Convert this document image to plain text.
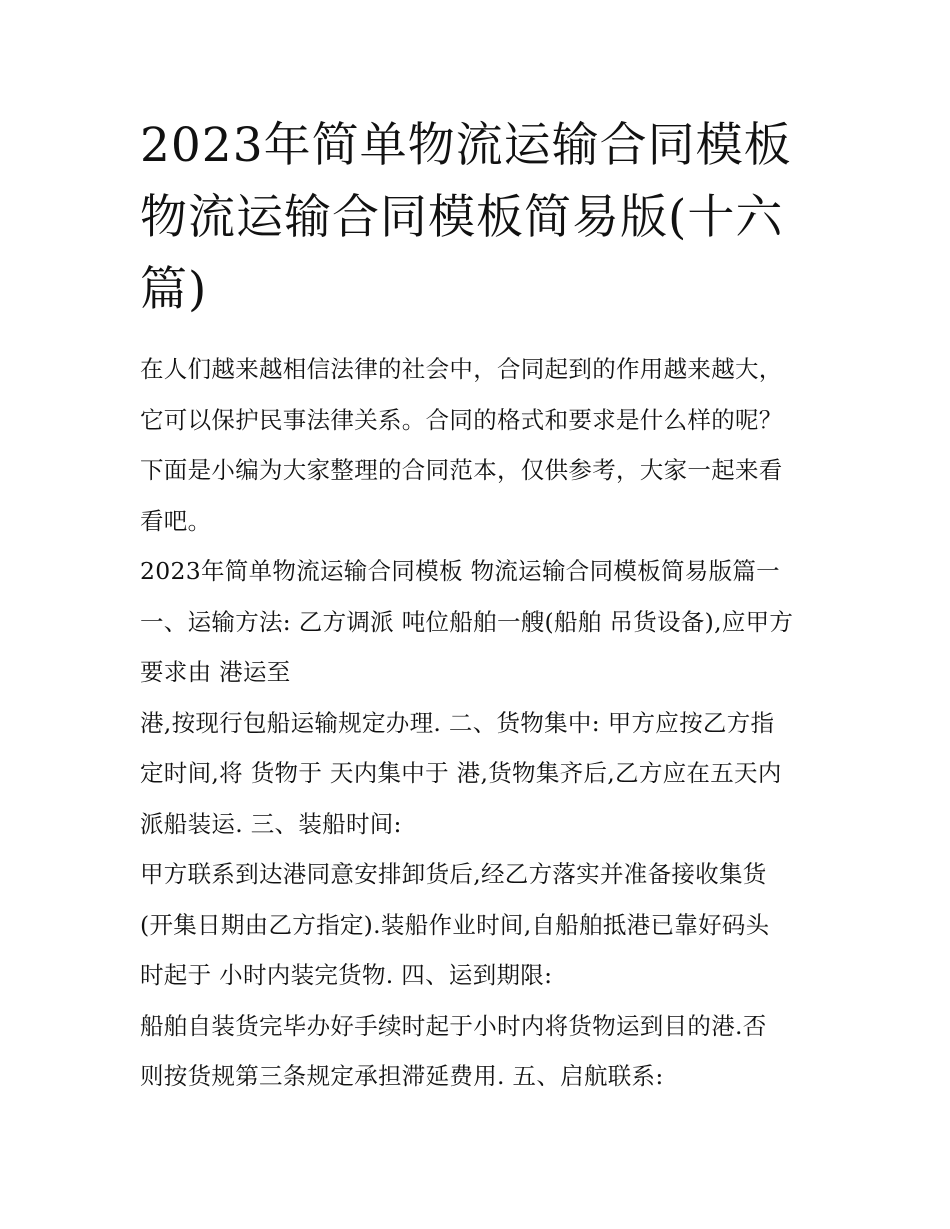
2023年简单物流运输合同模板
物流运输合同模板简易版(十六
篇)
在人们越来越相信法律的社会中，合同起到的作用越来越大，
它可以保护民事法律关系。合同的格式和要求是什么样的呢？
下面是小编为大家整理的合同范本，仅供参考，大家一起来看
看吧。
2023年简单物流运输合同模板 物流运输合同模板简易版篇一
一、运输方法: 乙方调派 吨位船舶一艘(船舶 吊货设备),应甲方
要求由 港运至
港,按现行包船运输规定办理. 二、货物集中: 甲方应按乙方指
定时间,将 货物于 天内集中于 港,货物集齐后,乙方应在五天内
派船装运. 三、装船时间:
甲方联系到达港同意安排卸货后,经乙方落实并准备接收集货
(开集日期由乙方指定).装船作业时间,自船舶抵港已靠好码头
时起于 小时内装完货物. 四、运到期限:
船舶自装货完毕办好手续时起于小时内将货物运到目的港.否
则按货规第三条规定承担滞延费用. 五、启航联系:
